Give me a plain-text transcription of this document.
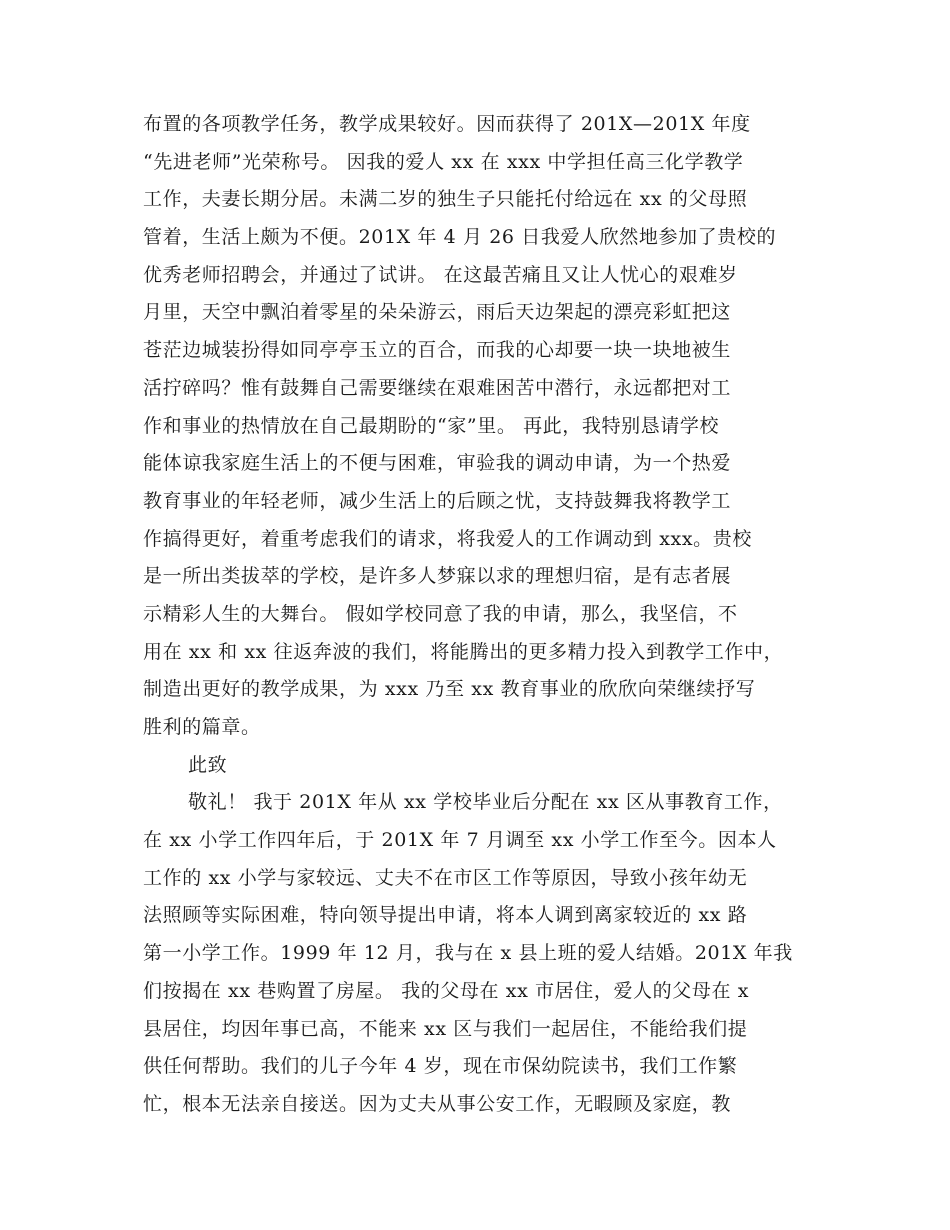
布置的各项教学任务，教学成果较好。因而获得了 201X—201X 年度
“先进老师”光荣称号。 因我的爱人 xx 在 xxx 中学担任高三化学教学
工作，夫妻长期分居。未满二岁的独生子只能托付给远在 xx 的父母照
管着，生活上颇为不便。201X 年 4 月 26 日我爱人欣然地参加了贵校的
优秀老师招聘会，并通过了试讲。 在这最苦痛且又让人忧心的艰难岁
月里，天空中飘泊着零星的朵朵游云，雨后天边架起的漂亮彩虹把这
苍茫边城装扮得如同亭亭玉立的百合，而我的心却要一块一块地被生
活拧碎吗？惟有鼓舞自己需要继续在艰难困苦中潜行，永远都把对工
作和事业的热情放在自己最期盼的“家”里。 再此，我特别恳请学校
能体谅我家庭生活上的不便与困难，审验我的调动申请，为一个热爱
教育事业的年轻老师，减少生活上的后顾之忧，支持鼓舞我将教学工
作搞得更好，着重考虑我们的请求，将我爱人的工作调动到 xxx。贵校
是一所出类拔萃的学校，是许多人梦寐以求的理想归宿，是有志者展
示精彩人生的大舞台。 假如学校同意了我的申请，那么，我坚信，不
用在 xx 和 xx 往返奔波的我们，将能腾出的更多精力投入到教学工作中，
制造出更好的教学成果，为 xxx 乃至 xx 教育事业的欣欣向荣继续抒写
胜利的篇章。
此致
敬礼！ 我于 201X 年从 xx 学校毕业后分配在 xx 区从事教育工作，
在 xx 小学工作四年后，于 201X 年 7 月调至 xx 小学工作至今。因本人
工作的 xx 小学与家较远、丈夫不在市区工作等原因，导致小孩年幼无
法照顾等实际困难，特向领导提出申请，将本人调到离家较近的 xx 路
第一小学工作。1999 年 12 月，我与在 x 县上班的爱人结婚。201X 年我
们按揭在 xx 巷购置了房屋。 我的父母在 xx 市居住，爱人的父母在 x
县居住，均因年事已高，不能来 xx 区与我们一起居住，不能给我们提
供任何帮助。我们的儿子今年 4 岁，现在市保幼院读书，我们工作繁
忙，根本无法亲自接送。因为丈夫从事公安工作，无暇顾及家庭，教
